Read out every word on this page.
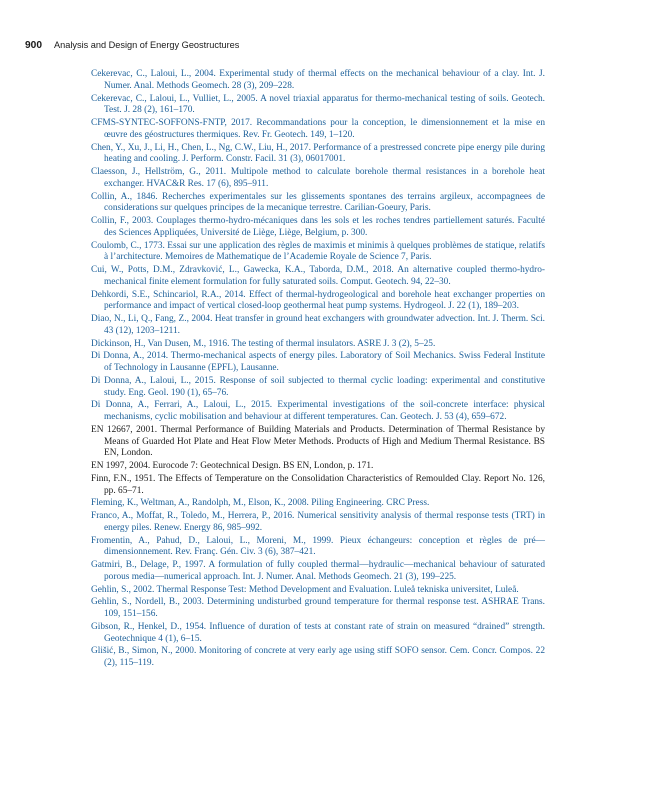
900 Analysis and Design of Energy Geostructures
Cekerevac, C., Laloui, L., 2004. Experimental study of thermal effects on the mechanical behaviour of a clay. Int. J. Numer. Anal. Methods Geomech. 28 (3), 209–228.
Cekerevac, C., Laloui, L., Vulliet, L., 2005. A novel triaxial apparatus for thermo-mechanical testing of soils. Geotech. Test. J. 28 (2), 161–170.
CFMS-SYNTEC-SOFFONS-FNTP, 2017. Recommandations pour la conception, le dimensionnement et la mise en œuvre des géostructures thermiques. Rev. Fr. Geotech. 149, 1–120.
Chen, Y., Xu, J., Li, H., Chen, L., Ng, C.W., Liu, H., 2017. Performance of a prestressed concrete pipe energy pile during heating and cooling. J. Perform. Constr. Facil. 31 (3), 06017001.
Claesson, J., Hellström, G., 2011. Multipole method to calculate borehole thermal resistances in a borehole heat exchanger. HVAC&R Res. 17 (6), 895–911.
Collin, A., 1846. Recherches experimentales sur les glissements spontanes des terrains argileux, accompagnees de considerations sur quelques principes de la mecanique terrestre. Carilian-Goeury, Paris.
Collin, F., 2003. Couplages thermo-hydro-mécaniques dans les sols et les roches tendres partiellement saturés. Faculté des Sciences Appliquées, Université de Liège, Liège, Belgium, p. 300.
Coulomb, C., 1773. Essai sur une application des règles de maximis et minimis à quelques problèmes de statique, relatifs à l’architecture. Memoires de Mathematique de l’Academie Royale de Science 7, Paris.
Cui, W., Potts, D.M., Zdravković, L., Gawecka, K.A., Taborda, D.M., 2018. An alternative coupled thermo-hydro-mechanical finite element formulation for fully saturated soils. Comput. Geotech. 94, 22–30.
Dehkordi, S.E., Schincariol, R.A., 2014. Effect of thermal-hydrogeological and borehole heat exchanger properties on performance and impact of vertical closed-loop geothermal heat pump systems. Hydrogeol. J. 22 (1), 189–203.
Diao, N., Li, Q., Fang, Z., 2004. Heat transfer in ground heat exchangers with groundwater advection. Int. J. Therm. Sci. 43 (12), 1203–1211.
Dickinson, H., Van Dusen, M., 1916. The testing of thermal insulators. ASRE J. 3 (2), 5–25.
Di Donna, A., 2014. Thermo-mechanical aspects of energy piles. Laboratory of Soil Mechanics. Swiss Federal Institute of Technology in Lausanne (EPFL), Lausanne.
Di Donna, A., Laloui, L., 2015. Response of soil subjected to thermal cyclic loading: experimental and constitutive study. Eng. Geol. 190 (1), 65–76.
Di Donna, A., Ferrari, A., Laloui, L., 2015. Experimental investigations of the soil-concrete interface: physical mechanisms, cyclic mobilisation and behaviour at different temperatures. Can. Geotech. J. 53 (4), 659–672.
EN 12667, 2001. Thermal Performance of Building Materials and Products. Determination of Thermal Resistance by Means of Guarded Hot Plate and Heat Flow Meter Methods. Products of High and Medium Thermal Resistance. BS EN, London.
EN 1997, 2004. Eurocode 7: Geotechnical Design. BS EN, London, p. 171.
Finn, F.N., 1951. The Effects of Temperature on the Consolidation Characteristics of Remoulded Clay. Report No. 126, pp. 65–71.
Fleming, K., Weltman, A., Randolph, M., Elson, K., 2008. Piling Engineering. CRC Press.
Franco, A., Moffat, R., Toledo, M., Herrera, P., 2016. Numerical sensitivity analysis of thermal response tests (TRT) in energy piles. Renew. Energy 86, 985–992.
Fromentin, A., Pahud, D., Laloui, L., Moreni, M., 1999. Pieux échangeurs: conception et règles de pré—dimensionnement. Rev. Franç. Gén. Civ. 3 (6), 387–421.
Gatmiri, B., Delage, P., 1997. A formulation of fully coupled thermal—hydraulic—mechanical behaviour of saturated porous media—numerical approach. Int. J. Numer. Anal. Methods Geomech. 21 (3), 199–225.
Gehlin, S., 2002. Thermal Response Test: Method Development and Evaluation. Luleå tekniska universitet, Luleå.
Gehlin, S., Nordell, B., 2003. Determining undisturbed ground temperature for thermal response test. ASHRAE Trans. 109, 151–156.
Gibson, R., Henkel, D., 1954. Influence of duration of tests at constant rate of strain on measured “drained” strength. Geotechnique 4 (1), 6–15.
Glišić, B., Simon, N., 2000. Monitoring of concrete at very early age using stiff SOFO sensor. Cem. Concr. Compos. 22 (2), 115–119.
